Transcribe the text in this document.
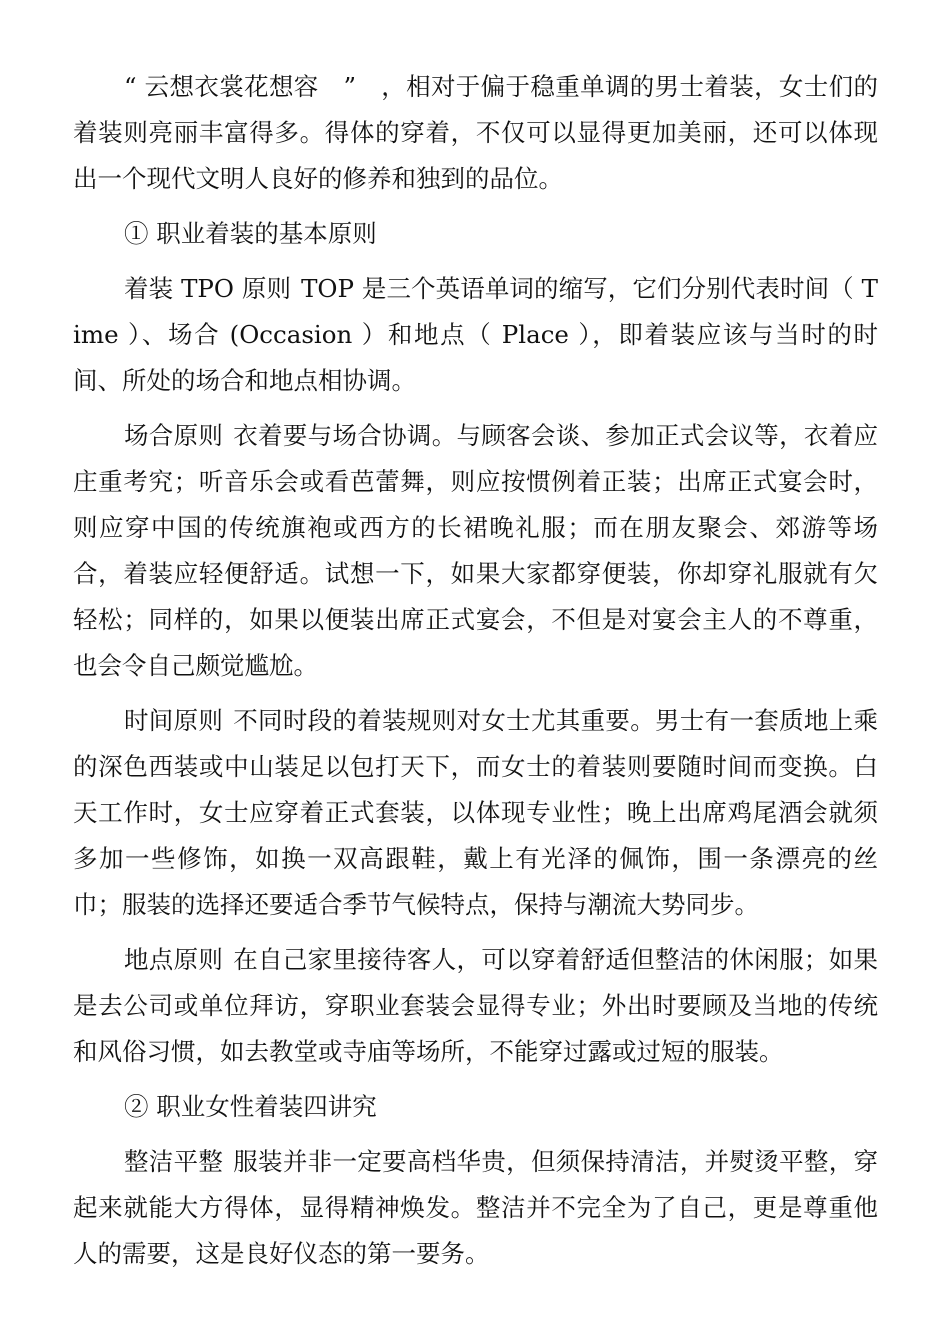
“ 云想衣裳花想容　”　，相对于偏于稳重单调的男士着装，女士们的着装则亮丽丰富得多。得体的穿着，不仅可以显得更加美丽，还可以体现出一个现代文明人良好的修养和独到的品位。

① 职业着装的基本原则

着装 TPO 原则 TOP 是三个英语单词的缩写，它们分别代表时间（ Time ）、场合 (Occasion ）和地点（ Place ），即着装应该与当时的时间、所处的场合和地点相协调。

场合原则 衣着要与场合协调。与顾客会谈、参加正式会议等，衣着应庄重考究；听音乐会或看芭蕾舞，则应按惯例着正装；出席正式宴会时，则应穿中国的传统旗袍或西方的长裙晚礼服；而在朋友聚会、郊游等场合，着装应轻便舒适。试想一下，如果大家都穿便装，你却穿礼服就有欠轻松；同样的，如果以便装出席正式宴会，不但是对宴会主人的不尊重，也会令自己颇觉尴尬。

时间原则 不同时段的着装规则对女士尤其重要。男士有一套质地上乘的深色西装或中山装足以包打天下，而女士的着装则要随时间而变换。白天工作时，女士应穿着正式套装，以体现专业性；晚上出席鸡尾酒会就须多加一些修饰，如换一双高跟鞋，戴上有光泽的佩饰，围一条漂亮的丝巾；服装的选择还要适合季节气候特点，保持与潮流大势同步。

地点原则 在自己家里接待客人，可以穿着舒适但整洁的休闲服；如果是去公司或单位拜访，穿职业套装会显得专业；外出时要顾及当地的传统和风俗习惯，如去教堂或寺庙等场所，不能穿过露或过短的服装。

② 职业女性着装四讲究

整洁平整 服装并非一定要高档华贵，但须保持清洁，并熨烫平整，穿起来就能大方得体，显得精神焕发。整洁并不完全为了自己，更是尊重他人的需要，这是良好仪态的第一要务。
